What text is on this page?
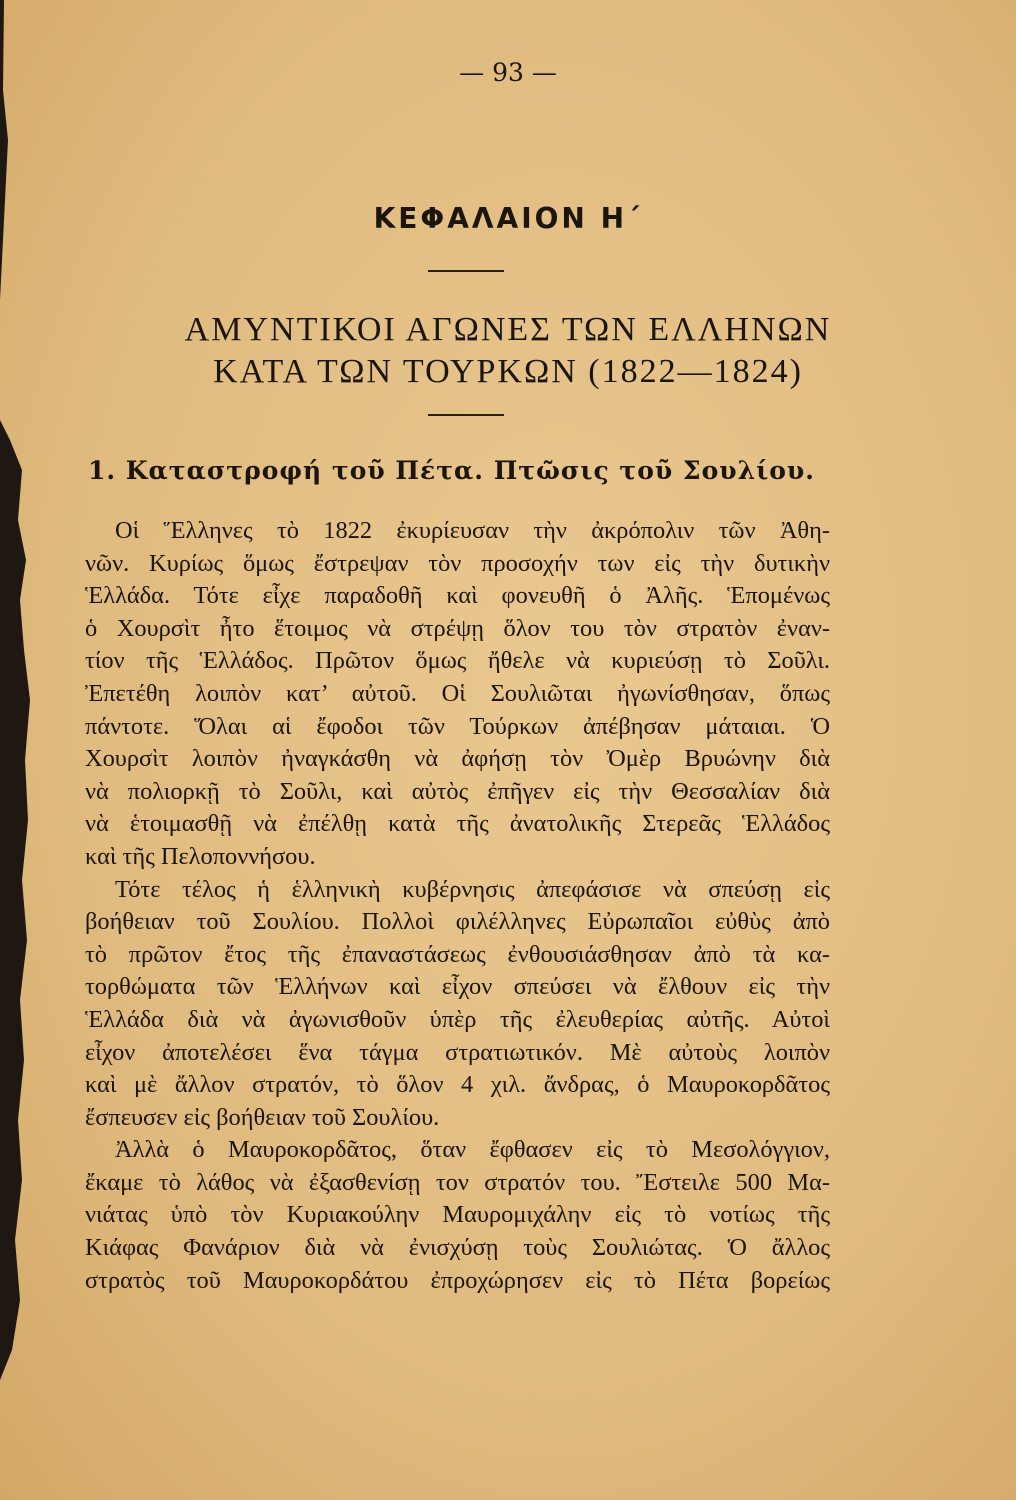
— 93 —
ΚΕΦΑΛΑΙΟΝ Η΄
ΑΜΥΝΤΙΚΟΙ ΑΓΩΝΕΣ ΤΩΝ ΕΛΛΗΝΩΝ
ΚΑΤΑ ΤΩΝ ΤΟΥΡΚΩΝ (1822—1824)
1. Καταστροφή τοῦ Πέτα. Πτῶσις τοῦ Σουλίου.
Οἱ Ἕλληνες τὸ 1822 ἐκυρίευσαν τὴν ἀκρόπολιν τῶν Ἀθη-
νῶν. Κυρίως ὅμως ἔστρεψαν τὸν προσοχήν των εἰς τὴν δυτικὴν
Ἑλλάδα. Τότε εἶχε παραδοθῆ καὶ φονευθῆ ὁ Ἀλῆς. Ἑπομένως
ὁ Χουρσὶτ ἦτο ἕτοιμος νὰ στρέψῃ ὅλον του τὸν στρατὸν ἐναν-
τίον τῆς Ἑλλάδος. Πρῶτον ὅμως ἤθελε νὰ κυριεύσῃ τὸ Σοῦλι.
Ἐπετέθη λοιπὸν κατ’ αὐτοῦ. Οἱ Σουλιῶται ἠγωνίσθησαν, ὅπως
πάντοτε. Ὅλαι αἱ ἔφοδοι τῶν Τούρκων ἀπέβησαν μάταιαι. Ὁ
Χουρσὶτ λοιπὸν ἠναγκάσθη νὰ ἀφήσῃ τὸν Ὀμὲρ Βρυώνην διὰ
νὰ πολιορκῇ τὸ Σοῦλι, καὶ αὐτὸς ἐπῆγεν εἰς τὴν Θεσσαλίαν διὰ
νὰ ἑτοιμασθῇ νὰ ἐπέλθῃ κατὰ τῆς ἀνατολικῆς Στερεᾶς Ἑλλάδος
καὶ τῆς Πελοποννήσου.
Τότε τέλος ἡ ἑλληνικὴ κυβέρνησις ἀπεφάσισε νὰ σπεύσῃ εἰς
βοήθειαν τοῦ Σουλίου. Πολλοὶ φιλέλληνες Εὐρωπαῖοι εὐθὺς ἀπὸ
τὸ πρῶτον ἔτος τῆς ἐπαναστάσεως ἐνθουσιάσθησαν ἀπὸ τὰ κα-
τορθώματα τῶν Ἑλλήνων καὶ εἶχον σπεύσει νὰ ἔλθουν εἰς τὴν
Ἑλλάδα διὰ νὰ ἀγωνισθοῦν ὑπὲρ τῆς ἐλευθερίας αὐτῆς. Αὐτοὶ
εἶχον ἀποτελέσει ἕνα τάγμα στρατιωτικόν. Μὲ αὐτοὺς λοιπὸν
καὶ μὲ ἄλλον στρατόν, τὸ ὅλον 4 χιλ. ἄνδρας, ὁ Μαυροκορδᾶτος
ἔσπευσεν εἰς βοήθειαν τοῦ Σουλίου.
Ἀλλὰ ὁ Μαυροκορδᾶτος, ὅταν ἔφθασεν εἰς τὸ Μεσολόγγιον,
ἔκαμε τὸ λάθος νὰ ἐξασθενίσῃ τον στρατόν του. Ἔστειλε 500 Μα-
νιάτας ὑπὸ τὸν Κυριακούλην Μαυρομιχάλην εἰς τὸ νοτίως τῆς
Κιάφας Φανάριον διὰ νὰ ἐνισχύσῃ τοὺς Σουλιώτας. Ὁ ἄλλος
στρατὸς τοῦ Μαυροκορδάτου ἐπροχώρησεν εἰς τὸ Πέτα βορείως
